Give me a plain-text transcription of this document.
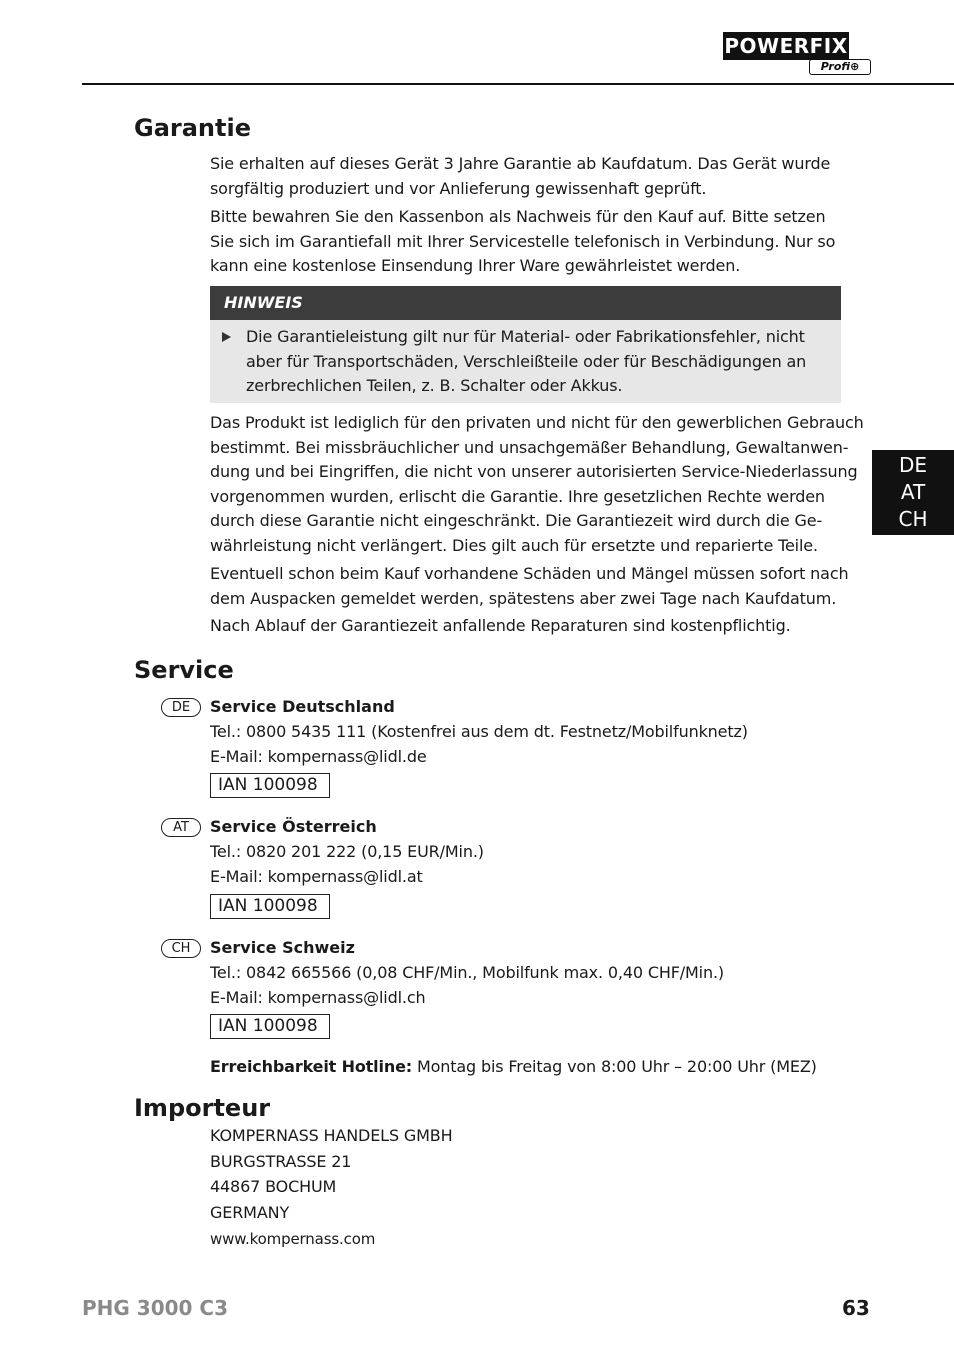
POWERFIX
Profi⊕
DE
AT
CH
Garantie

Sie erhalten auf dieses Gerät 3 Jahre Garantie ab Kaufdatum. Das Gerät wurde
sorgfältig produziert und vor Anlieferung gewissenhaft geprüft.

Bitte bewahren Sie den Kassenbon als Nachweis für den Kauf auf. Bitte setzen
Sie sich im Garantiefall mit Ihrer Servicestelle telefonisch in Verbindung. Nur so
kann eine kostenlose Einsendung Ihrer Ware gewährleistet werden.

HINWEIS
Die Garantieleistung gilt nur für Material- oder Fabrikationsfehler, nicht
aber für Transportschäden, Verschleißteile oder für Beschädigungen an
zerbrechlichen Teilen, z. B. Schalter oder Akkus.

Das Produkt ist lediglich für den privaten und nicht für den gewerblichen Gebrauch
bestimmt. Bei missbräuchlicher und unsachgemäßer Behandlung, Gewaltanwen-
dung und bei Eingriffen, die nicht von unserer autorisierten Service-Niederlassung
vorgenommen wurden, erlischt die Garantie. Ihre gesetzlichen Rechte werden
durch diese Garantie nicht eingeschränkt. Die Garantiezeit wird durch die Ge-
währleistung nicht verlängert. Dies gilt auch für ersetzte und reparierte Teile.

Eventuell schon beim Kauf vorhandene Schäden und Mängel müssen sofort nach
dem Auspacken gemeldet werden, spätestens aber zwei Tage nach Kaufdatum.

Nach Ablauf der Garantiezeit anfallende Reparaturen sind kostenpflichtig.

Service
DE	Service Deutschland
Tel.: 0800 5435 111 (Kostenfrei aus dem dt. Festnetz/Mobilfunknetz)
E-Mail: kompernass@lidl.de
IAN 100098
AT	Service Österreich
Tel.: 0820 201 222 (0,15 EUR/Min.)
E-Mail: kompernass@lidl.at
IAN 100098
CH	Service Schweiz
Tel.: 0842 665566 (0,08 CHF/Min., Mobilfunk max. 0,40 CHF/Min.)
E-Mail: kompernass@lidl.ch
IAN 100098
Erreichbarkeit Hotline: Montag bis Freitag von 8:00 Uhr – 20:00 Uhr (MEZ)
Importeur
KOMPERNASS HANDELS GMBH
BURGSTRASSE 21
44867 BOCHUM
GERMANY
www.kompernass.com
PHG 3000 C3	63
